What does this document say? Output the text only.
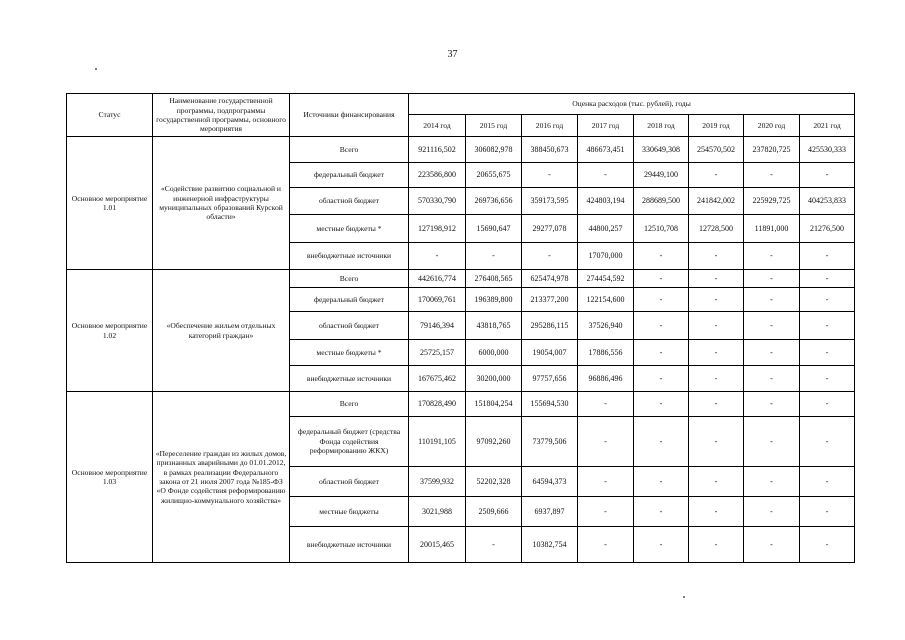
37
Статус	Наименование государственной программы, подпрограммы государственной программы, основного мероприятия	Источники финансирования	Оценка расходов (тыс. рублей), годы							
			2014 год	2015 год	2016 год	2017 год	2018 год	2019 год	2020 год	2021 год
Основное мероприятие 1.01	«Содействие развитию социальной и инженерной инфраструктуры муниципальных образований Курской области»	Всего	921116,502	306082,978	388450,673	486673,451	330649,308	254570,502	237820,725	425530,333
		федеральный бюджет	223586,800	20655,675	-	-	29449,100	-	-	-
		областной бюджет	570330,790	269736,656	359173,595	424803,194	288689,500	241842,002	225929,725	404253,833
		местные бюджеты *	127198,912	15690,647	29277,078	44800,257	12510,708	12728,500	11891,000	21276,500
		внебюджетные источники	-	-	-	17070,000	-	-	-	-
Основное мероприятие 1.02	«Обеспечение жильем отдельных категорий граждан»	Всего	442616,774	276408,565	625474,978	274454,592	-	-	-	-
		федеральный бюджет	170069,761	196389,800	213377,200	122154,600	-	-	-	-
		областной бюджет	79146,394	43818,765	295286,115	37526,940	-	-	-	-
		местные бюджеты *	25725,157	6000,000	19054,007	17886,556	-	-	-	-
		внебюджетные источники	167675,462	30200,000	97757,656	96886,496	-	-	-	-
Основное мероприятие 1.03	«Переселение граждан из жилых домов, признанных аварийными до 01.01.2012, в рамках реализации Федерального закона от 21 июля 2007 года №185-ФЗ «О Фонде содействия реформированию жилищно-коммунального хозяйства»	Всего	170828,490	151804,254	155694,530	-	-	-	-	-
		федеральный бюджет (средства Фонда содействия реформированию ЖКХ)	110191,105	97092,260	73779,506	-	-	-	-	-
		областной бюджет	37599,932	52202,328	64594,373	-	-	-	-	-
		местные бюджеты	3021,988	2509,666	6937,897	-	-	-	-	-
		внебюджетные источники	20015,465	-	10382,754	-	-	-	-	-
